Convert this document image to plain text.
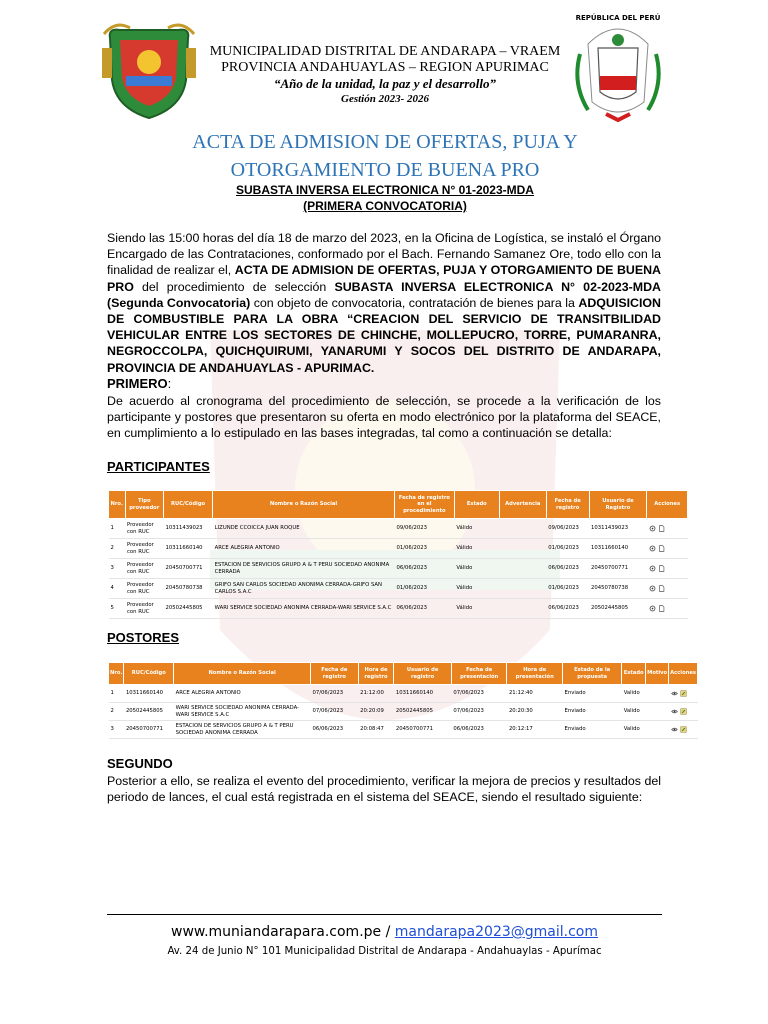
REPÚBLICA DEL PERÚ
MUNICIPALIDAD DISTRITAL DE ANDARAPA – VRAEM
PROVINCIA ANDAHUAYLAS – REGION APURIMAC
“Año de la unidad, la paz y el desarrollo”
Gestión 2023- 2026
ACTA DE ADMISION DE OFERTAS, PUJA Y
OTORGAMIENTO DE BUENA PRO
SUBASTA INVERSA ELECTRONICA N° 01-2023-MDA
(PRIMERA CONVOCATORIA)
Siendo las 15:00 horas del día 18 de marzo del 2023, en la Oficina de Logística, se instaló el Órgano Encargado de las Contrataciones, conformado por el Bach. Fernando Samanez Ore, todo ello con la finalidad de realizar el, ACTA DE ADMISION DE OFERTAS, PUJA Y OTORGAMIENTO DE BUENA PRO del procedimiento de selección SUBASTA INVERSA ELECTRONICA N° 02-2023-MDA (Segunda Convocatoria) con objeto de convocatoria, contratación de bienes para la ADQUISICION DE COMBUSTIBLE PARA LA OBRA “CREACION DEL SERVICIO DE TRANSITBILIDAD VEHICULAR ENTRE LOS SECTORES DE CHINCHE, MOLLEPUCRO, TORRE, PUMARANRA, NEGROCCOLPA, QUICHQUIRUMI, YANARUMI Y SOCOS DEL DISTRITO DE ANDARAPA, PROVINCIA DE ANDAHUAYLAS - APURIMAC.
PRIMERO:
De acuerdo al cronograma del procedimiento de selección, se procede a la verificación de los participante y postores que presentaron su oferta en modo electrónico por la plataforma del SEACE, en cumplimiento a lo estipulado en las bases integradas, tal como a continuación se detalla:
PARTICIPANTES
Nro.	Tipo proveedor	RUC/Código	Nombre o Razón Social	Fecha de registro en el procedimiento	Estado	Advertencia	Fecha de registro	Usuario de Registro	Acciones
1	Proveedor con RUC	10311439023	LIZUNDE CCOICCA JUAN ROQUE	09/06/2023	Válido		09/06/2023	10311439023	
2	Proveedor con RUC	10311660140	ARCE ALEGRIA ANTONIO	01/06/2023	Válido		01/06/2023	10311660140	
3	Proveedor con RUC	20450700771	ESTACION DE SERVICIOS GRUPO A & T PERU SOCIEDAD ANONIMA CERRADA	06/06/2023	Válido		06/06/2023	20450700771	
4	Proveedor con RUC	20450780738	GRIFO SAN CARLOS SOCIEDAD ANONIMA CERRADA-GRIFO SAN CARLOS S.A.C	01/06/2023	Válido		01/06/2023	20450780738	
5	Proveedor con RUC	20502445805	WARI SERVICE SOCIEDAD ANONIMA CERRADA-WARI SERVICE S.A.C	06/06/2023	Válido		06/06/2023	20502445805	
POSTORES
Nro.	RUC/Código	Nombre o Razón Social	Fecha de registro	Hora de registro	Usuario de registro	Fecha de presentación	Hora de presentación	Estado de la propuesta	Estado	Motivo	Acciones
1	10311660140	ARCE ALEGRIA ANTONIO	07/06/2023	21:12:00	10311660140	07/06/2023	21:12:40	Enviado	Valido		
2	20502445805	WARI SERVICE SOCIEDAD ANONIMA CERRADA-WARI SERVICE S.A.C	07/06/2023	20:20:09	20502445805	07/06/2023	20:20:30	Enviado	Valido		
3	20450700771	ESTACION DE SERVICIOS GRUPO A & T PERU SOCIEDAD ANONIMA CERRADA	06/06/2023	20:08:47	20450700771	06/06/2023	20:12:17	Enviado	Valido		
SEGUNDO
Posterior a ello, se realiza el evento del procedimiento, verificar la mejora de precios y resultados del periodo de lances, el cual está registrada en el sistema del SEACE, siendo el resultado siguiente:
www.muniandarapara.com.pe / mandarapa2023@gmail.com
Av. 24 de Junio N° 101 Municipalidad Distrital de Andarapa - Andahuaylas - Apurímac
